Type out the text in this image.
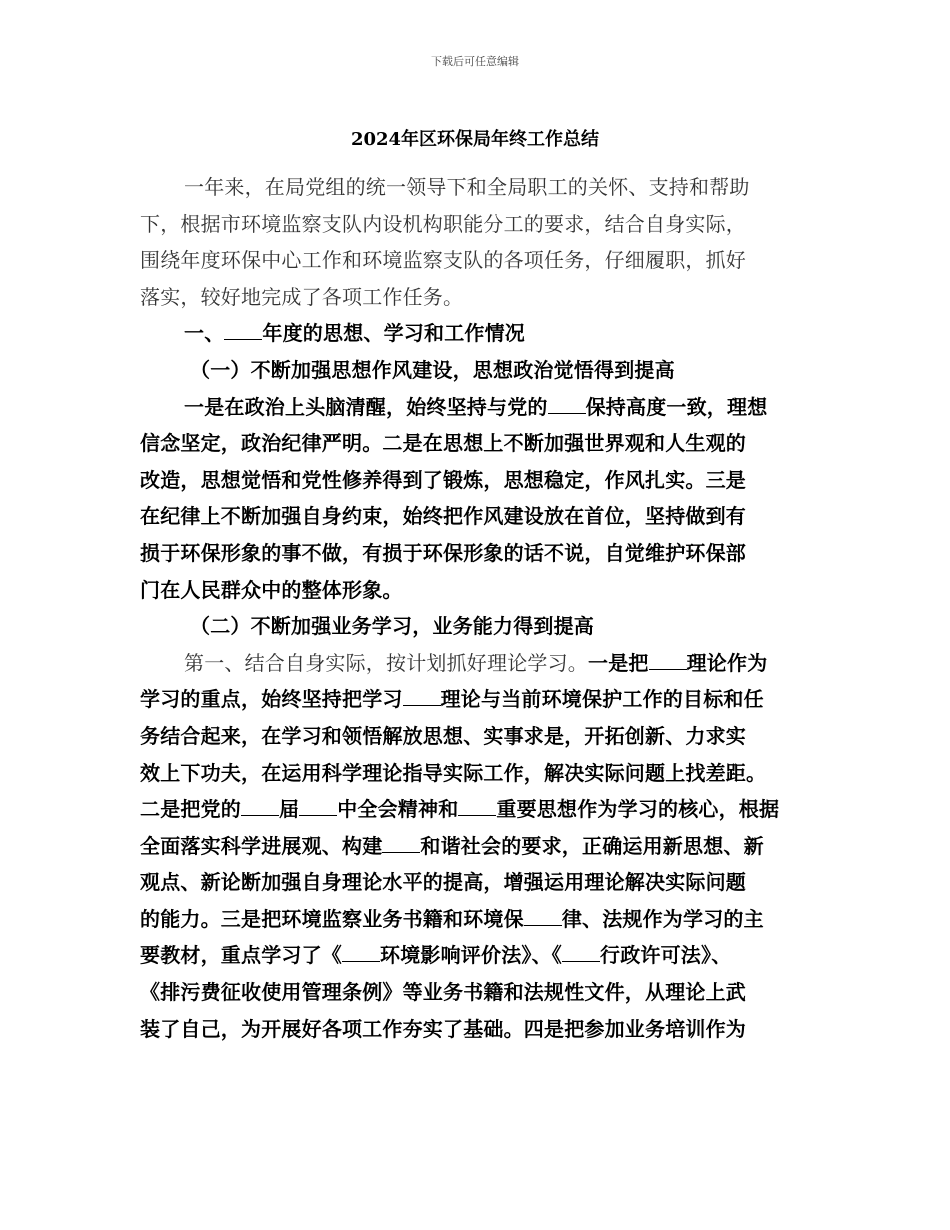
下载后可任意编辑
2024年区环保局年终工作总结
一年来，在局党组的统一领导下和全局职工的关怀、支持和帮助
下，根据市环境监察支队内设机构职能分工的要求，结合自身实际，
围绕年度环保中心工作和环境监察支队的各项任务，仔细履职，抓好
落实，较好地完成了各项工作任务。
一、 年度的思想、学习和工作情况
（一）不断加强思想作风建设，思想政治觉悟得到提高
一是在政治上头脑清醒，始终坚持与党的 保持高度一致，理想
信念坚定，政治纪律严明。二是在思想上不断加强世界观和人生观的
改造，思想觉悟和党性修养得到了锻炼，思想稳定，作风扎实。三是
在纪律上不断加强自身约束，始终把作风建设放在首位，坚持做到有
损于环保形象的事不做，有损于环保形象的话不说，自觉维护环保部
门在人民群众中的整体形象。
（二）不断加强业务学习，业务能力得到提高
第一、结合自身实际，按计划抓好理论学习。一是把 理论作为
学习的重点，始终坚持把学习 理论与当前环境保护工作的目标和任
务结合起来，在学习和领悟解放思想、实事求是，开拓创新、力求实
效上下功夫，在运用科学理论指导实际工作，解决实际问题上找差距。
二是把党的 届 中全会精神和 重要思想作为学习的核心，根据
全面落实科学进展观、构建 和谐社会的要求，正确运用新思想、新
观点、新论断加强自身理论水平的提高，增强运用理论解决实际问题
的能力。三是把环境监察业务书籍和环境保 律、法规作为学习的主
要教材，重点学习了《 环境影响评价法》、《 行政许可法》、
《排污费征收使用管理条例》等业务书籍和法规性文件，从理论上武
装了自己，为开展好各项工作夯实了基础。四是把参加业务培训作为
